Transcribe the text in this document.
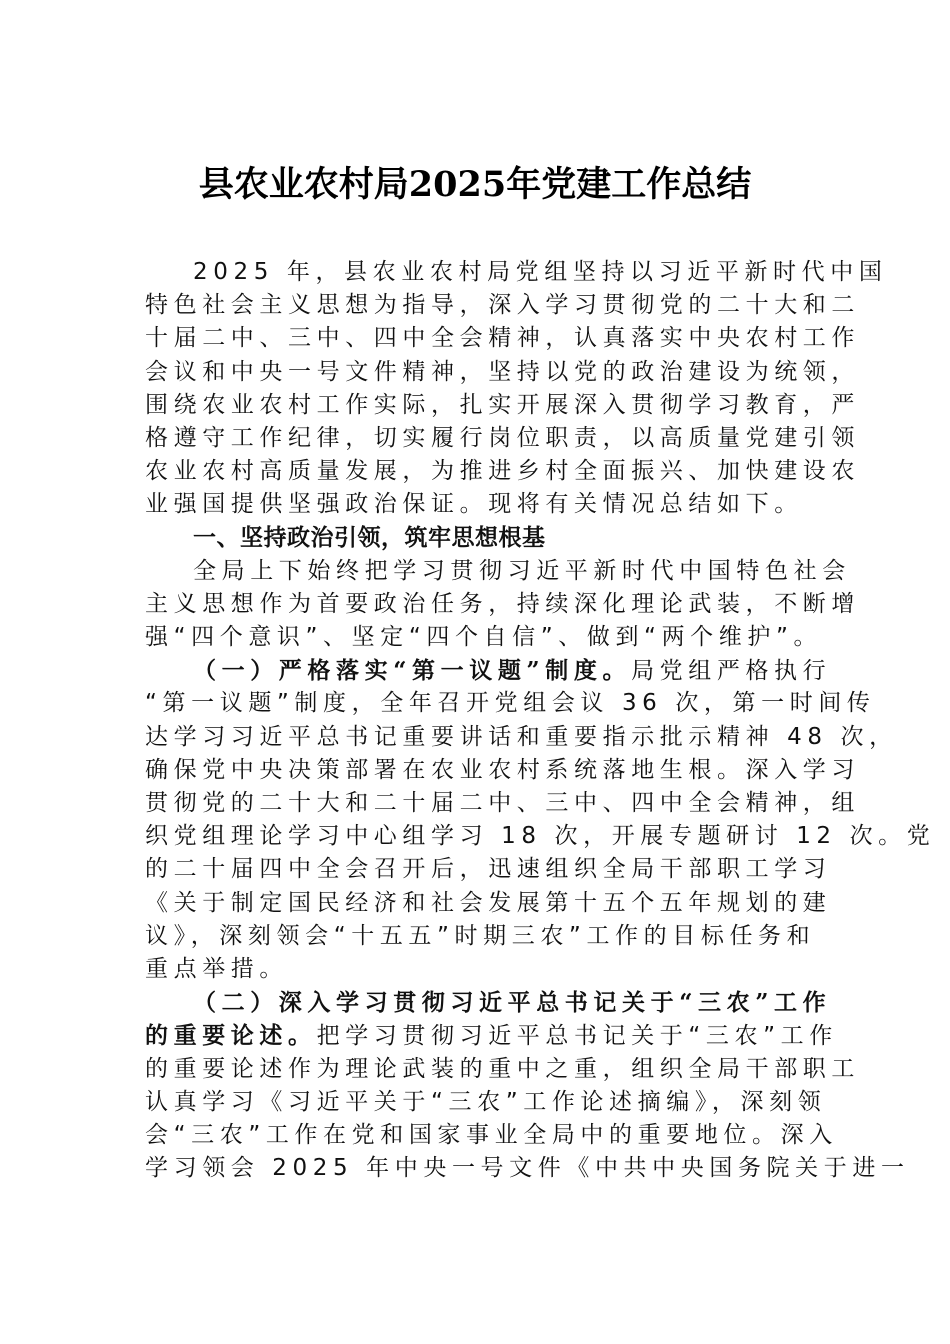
县农业农村局2025年党建工作总结
2025 年，县农业农村局党组坚持以习近平新时代中国
特色社会主义思想为指导，深入学习贯彻党的二十大和二
十届二中、三中、四中全会精神，认真落实中央农村工作
会议和中央一号文件精神，坚持以党的政治建设为统领，
围绕农业农村工作实际，扎实开展深入贯彻学习教育，严
格遵守工作纪律，切实履行岗位职责，以高质量党建引领
农业农村高质量发展，为推进乡村全面振兴、加快建设农
业强国提供坚强政治保证。现将有关情况总结如下。
一、坚持政治引领，筑牢思想根基
全局上下始终把学习贯彻习近平新时代中国特色社会
主义思想作为首要政治任务，持续深化理论武装，不断增
强“四个意识”、坚定“四个自信”、做到“两个维护”。
（一）严格落实“第一议题”制度。局党组严格执行
“第一议题”制度，全年召开党组会议 36 次，第一时间传
达学习习近平总书记重要讲话和重要指示批示精神 48 次，
确保党中央决策部署在农业农村系统落地生根。深入学习
贯彻党的二十大和二十届二中、三中、四中全会精神，组
织党组理论学习中心组学习 18 次，开展专题研讨 12 次。党
的二十届四中全会召开后，迅速组织全局干部职工学习
《关于制定国民经济和社会发展第十五个五年规划的建
议》，深刻领会“十五五”时期三农”工作的目标任务和
重点举措。
（二）深入学习贯彻习近平总书记关于“三农”工作
的重要论述。把学习贯彻习近平总书记关于“三农”工作
的重要论述作为理论武装的重中之重，组织全局干部职工
认真学习《习近平关于“三农”工作论述摘编》，深刻领
会“三农”工作在党和国家事业全局中的重要地位。深入
学习领会 2025 年中央一号文件《中共中央国务院关于进一
